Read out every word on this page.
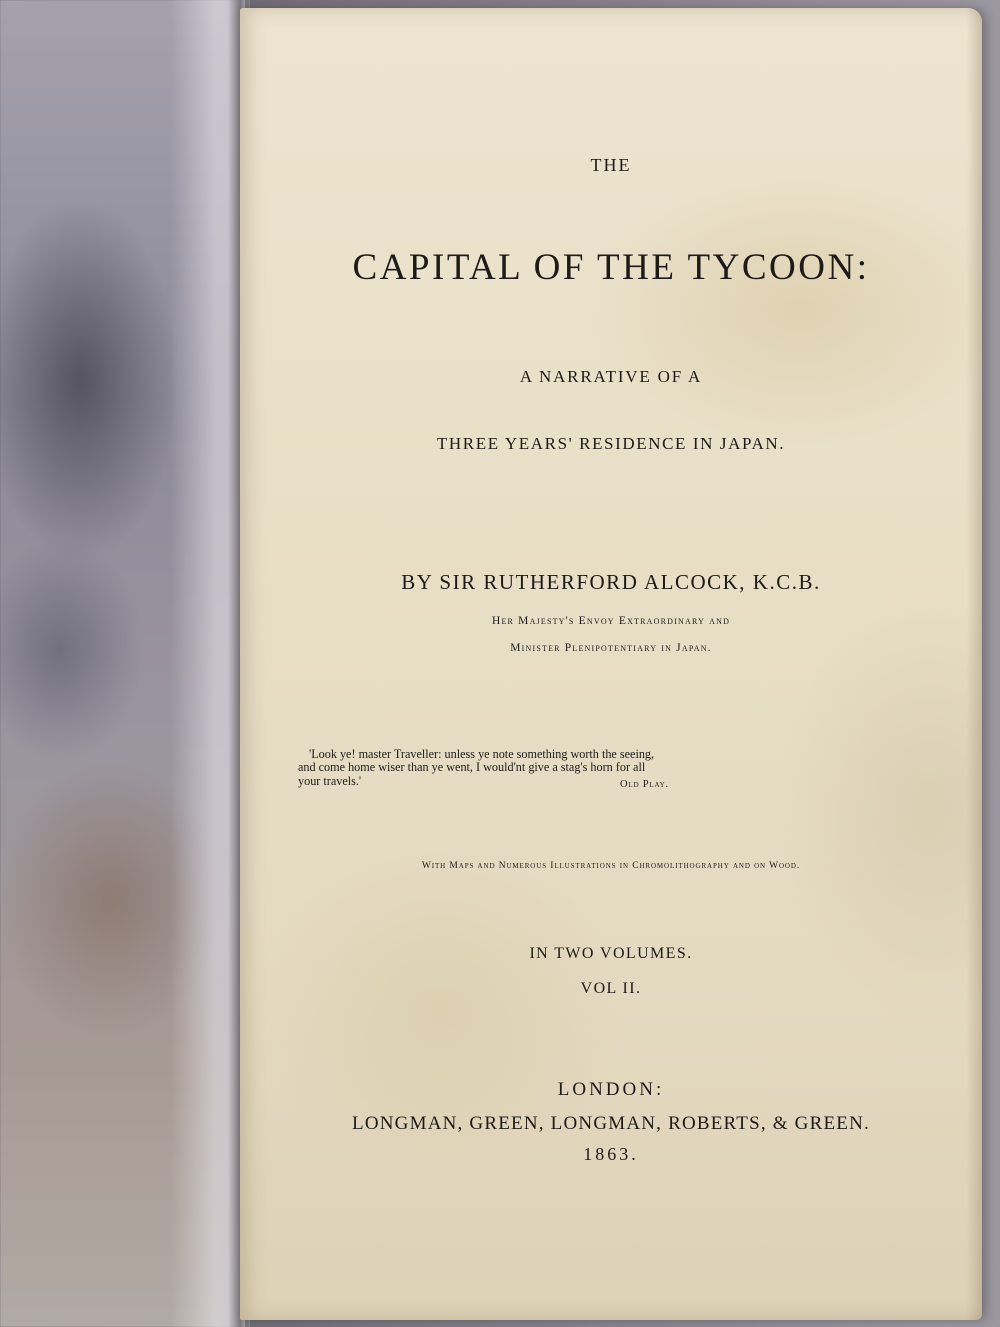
THE
CAPITAL OF THE TYCOON:
A NARRATIVE OF A
THREE YEARS' RESIDENCE IN JAPAN.
BY SIR RUTHERFORD ALCOCK, K.C.B.
Her Majesty's Envoy Extraordinary and
Minister Plenipotentiary in Japan.
'Look ye! master Traveller: unless ye note something worth the seeing,
and come home wiser than ye went, I would'nt give a stag's horn for all
your travels.'	Old Play.
With Maps and Numerous Illustrations in Chromolithography and on Wood.
IN TWO VOLUMES.
VOL II.
LONDON:
LONGMAN, GREEN, LONGMAN, ROBERTS, & GREEN.
1863.
